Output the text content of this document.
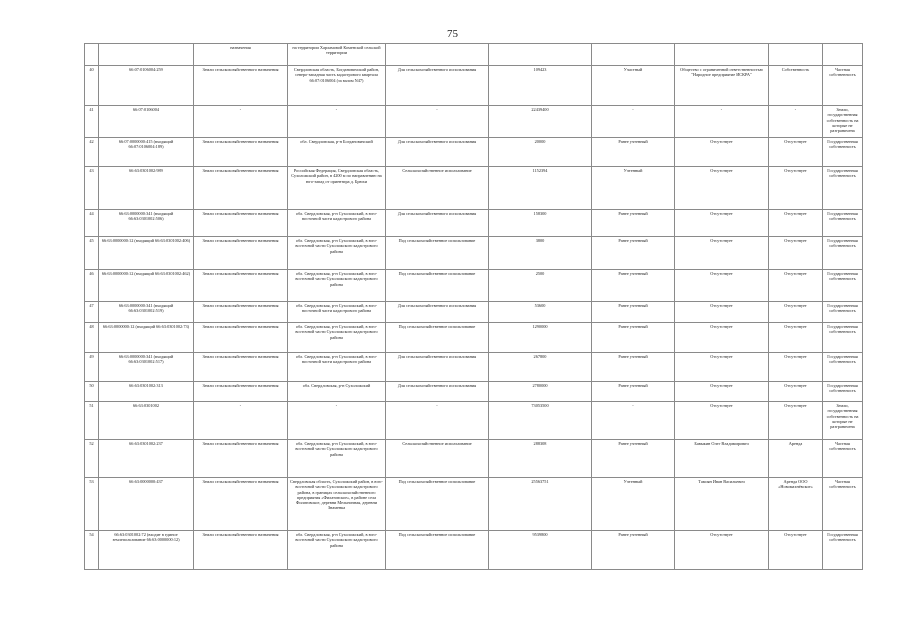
75

		назначения	на территории Харламовой Коменской сельской территории						

40	66:07:0106004:259	Земли сельскохозяйственного назначения	Свердловская область, Богдановичский район, северо-западная часть кадастрового квартала 66:07:0106004 (за валом N47)	Для сельскохозяйственного использования	109423	Участный	Общество с ограниченной ответственностью "Народное предприятие ИСКРА"	Собственность	Частная собственность

41	66:07:0106004	-	-	-	22439400	-	-	-	Земли, государственная собственность на которые не разграничена

42	66:07:0000000:415 (входящий 66:07:0106004:189)	Земли сельскохозяйственного назначения	обл. Свердловская, р-н Богдановичский	Для сельскохозяйственного использования	20000	Ранее учтенный	Отсутствует	Отсутствует	Государственная собственность

43	66:63:0301002:989	Земли сельскохозяйственного назначения	Российская Федерация, Свердловская область, Сухоложский район, в 4200 м по направлению на юго-запад от ориентира д. Брюхи	Сельскохозяйственное использование	1152394	Учтенный	Отсутствует	Отсутствует	Государственная собственность

44	66:63:0000000:341 (входящий 66:63:0301002:506)	Земли сельскохозяйственного назначения	обл. Свердловская, р-н Сухоложский, в юго-восточной части кадастрового района	Для сельскохозяйственного использования	158300	Ранее учтенный	Отсутствует	Отсутствует	Государственная собственность

45	66:63:0000000:12 (входящий 66:63:0301002:406)	Земли сельскохозяйственного назначения	обл. Свердловская, р-н Сухоложский, в юго-восточной части Сухоложского кадастрового района	Под сельскохозяйственное использование	3800	Ранее учтенный	Отсутствует	Отсутствует	Государственная собственность

46	66:63:0000000:12 (входящий 66:63:0301002:462)	Земли сельскохозяйственного назначения	обл. Свердловская, р-н Сухоложский, в юго-восточной части Сухоложского кадастрового района	Под сельскохозяйственное использование	2500	Ранее учтенный	Отсутствует	Отсутствует	Государственная собственность

47	66:63:0000000:341 (входящий 66:63:0301002:519)	Земли сельскохозяйственного назначения	обл. Свердловская, р-н Сухоложский, в юго-восточной части кадастрового района	Для сельскохозяйственного использования	53600	Ранее учтенный	Отсутствует	Отсутствует	Государственная собственность

48	66:63:0000000:12 (входящий 66:63:0301002:73)	Земли сельскохозяйственного назначения	обл. Свердловская, р-н Сухоложский, в юго-восточной части Сухоложского кадастрового района	Под сельскохозяйственное использование	1290000	Ранее учтенный	Отсутствует	Отсутствует	Государственная собственность

49	66:63:0000000:341 (входящий 66:63:0301002:517)	Земли сельскохозяйственного назначения	обл. Свердловская, р-н Сухоложский, в юго-восточной части кадастрового района	Для сельскохозяйственного использования	267800	Ранее учтенный	Отсутствует	Отсутствует	Государственная собственность

50	66:63:0301002:313	Земли сельскохозяйственного назначения	обл. Свердловская, р-н Сухоложский	Для сельскохозяйственного использования	2780000	Ранее учтенный	Отсутствует	Отсутствует	Государственная собственность

51	66:63:0301002	-	-	-	73053500	-	Отсутствует	Отсутствует	Земли, государственная собственность на которые не разграничена

52	66:63:0301002:237	Земли сельскохозяйственного назначения	обл. Свердловская, р-н Сухоложский, в юго-восточной части Сухоложского кадастрового района	Сельскохозяйственное использование	288308	Ранее учтенный	Бавыкин Олег Владимирович	Аренда	Частная собственность

53	66:63:0000000:437	Земли сельскохозяйственного назначения	Свердловская область, Сухоложский район, в юго-восточной части Сухоложского кадастрового района, в границах сельскохозяйственного предприятия «Филатовское», в районе села Филатовское, деревни Мельничная, деревни Знаменка	Под сельскохозяйственное использование	25563751	Учтенный	Тамоян Иван Васильевич	Аренда ООО «Новомахнёвское»	Частная собственность

54	66:63:0301002:72 (входит в единое землепользование 66:63:0000000:12)	Земли сельскохозяйственного назначения	обл. Свердловская, р-н Сухоложский, в юго-восточной части Сухоложского кадастрового района	Под сельскохозяйственное использование	9539800	Ранее учтенный	Отсутствует	Отсутствует	Государственная собственность
